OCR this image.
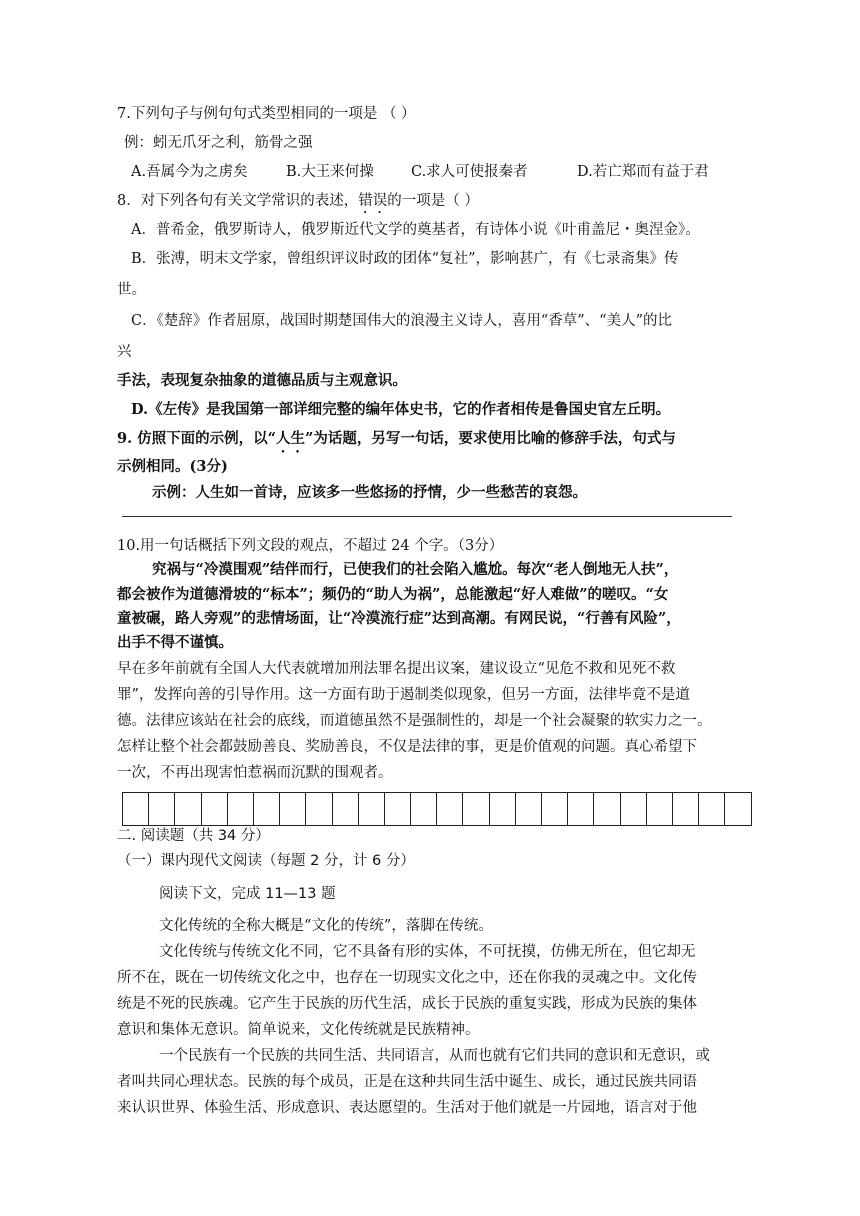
7.下列句子与例句句式类型相同的一项是 （ ）
例：蚓无爪牙之利，筋骨之强
A.吾属今为之虏矣	B.大王来何操	C.求人可使报秦者	D.若亡郑而有益于君
8．对下列各句有关文学常识的表述，错误的一项是（ ）
A．普希金，俄罗斯诗人，俄罗斯近代文学的奠基者，有诗体小说《叶甫盖尼・奥涅金》。
B．张溥，明末文学家，曾组织评议时政的团体“复社”，影响甚广，有《七录斋集》传
世。
C．《楚辞》作者屈原，战国时期楚国伟大的浪漫主义诗人，喜用“香草”、“美人”的比
兴
手法，表现复杂抽象的道德品质与主观意识。
D.《左传》是我国第一部详细完整的编年体史书，它的作者相传是鲁国史官左丘明。
9. 仿照下面的示例，以“人生”为话题，另写一句话，要求使用比喻的修辞手法，句式与
示例相同。(3分)
示例：人生如一首诗，应该多一些悠扬的抒情，少一些愁苦的哀怨。
10.用一句话概括下列文段的观点，不超过 24 个字。（3分）
究祸与“冷漠围观”结伴而行，已使我们的社会陷入尴尬。每次“老人倒地无人扶”，
都会被作为道德滑坡的“标本”；频仍的“助人为祸”，总能激起“好人难做”的嗟叹。“女
童被碾，路人旁观”的悲情场面，让“冷漠流行症”达到高潮。有网民说，“行善有风险”，
出手不得不谨慎。
早在多年前就有全国人大代表就增加刑法罪名提出议案，建议设立“见危不救和见死不救
罪”，发挥向善的引导作用。这一方面有助于遏制类似现象，但另一方面，法律毕竟不是道
德。法律应该站在社会的底线，而道德虽然不是强制性的，却是一个社会凝聚的软实力之一。
怎样让整个社会都鼓励善良、奖励善良，不仅是法律的事，更是价值观的问题。真心希望下
一次，不再出现害怕惹祸而沉默的围观者。
二. 阅读题（共 34 分）
（一）课内现代文阅读（每题 2 分，计 6 分）
阅读下文，完成 11—13 题
文化传统的全称大概是“文化的传统”，落脚在传统。
文化传统与传统文化不同，它不具备有形的实体，不可抚摸，仿佛无所在，但它却无
所不在，既在一切传统文化之中，也存在一切现实文化之中，还在你我的灵魂之中。文化传
统是不死的民族魂。它产生于民族的历代生活，成长于民族的重复实践，形成为民族的集体
意识和集体无意识。简单说来，文化传统就是民族精神。
一个民族有一个民族的共同生活、共同语言，从而也就有它们共同的意识和无意识，或
者叫共同心理状态。民族的每个成员，正是在这种共同生活中诞生、成长，通过民族共同语
来认识世界、体验生活、形成意识、表达愿望的。生活对于他们就是一片园地，语言对于他
